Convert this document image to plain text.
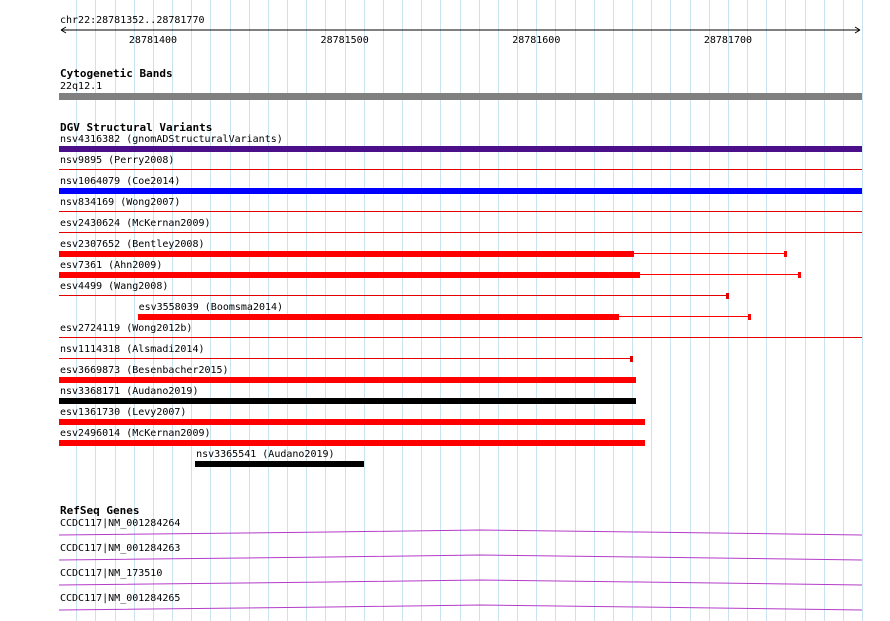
chr22:28781352..28781770
28781400	28781500	28781600	28781700
Cytogenetic Bands
22q12.1
DGV Structural Variants
nsv4316382 (gnomADStructuralVariants)
nsv9895 (Perry2008)
nsv1064079 (Coe2014)
nsv834169 (Wong2007)
esv2430624 (McKernan2009)
esv2307652 (Bentley2008)
esv7361 (Ahn2009)
esv4499 (Wang2008)
esv3558039 (Boomsma2014)
esv2724119 (Wong2012b)
nsv1114318 (Alsmadi2014)
esv3669873 (Besenbacher2015)
nsv3368171 (Audano2019)
esv1361730 (Levy2007)
esv2496014 (McKernan2009)
nsv3365541 (Audano2019)
RefSeq Genes
CCDC117|NM_001284264
CCDC117|NM_001284263
CCDC117|NM_173510
CCDC117|NM_001284265
